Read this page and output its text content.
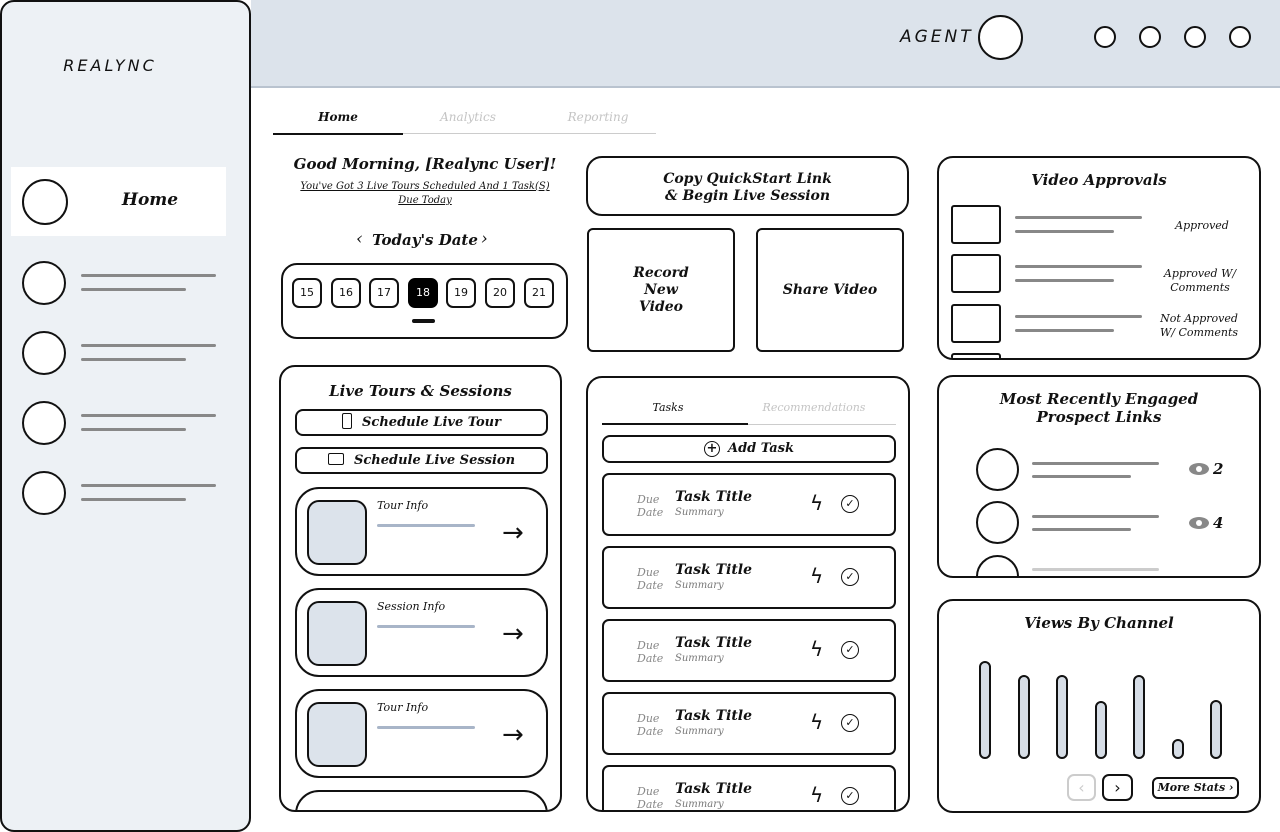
REALYNC
Home
AGENT
Home	Analytics	Reporting
Good Morning, [Realync User]!
You've Got 3 Live Tours Scheduled And 1 Task(S) Due Today
‹ Today's Date ›
15	16	17	18	19	20	21
Live Tours & Sessions
Schedule Live Tour
Schedule Live Session
Tour Info
→
Session Info
→
Tour Info
→
Copy QuickStart Link
& Begin Live Session
Record
New
Video
Share Video
Tasks	Recommendations
+ Add Task
Due
Date
Task Title
Summary	ϟ	✓
Due
Date
Task Title
Summary	ϟ	✓
Due
Date
Task Title
Summary	ϟ	✓
Due
Date
Task Title
Summary	ϟ	✓
Due
Date
Task Title
Summary	ϟ	✓
Video Approvals
Approved
Approved W/
Comments
Not Approved
W/ Comments
Most Recently Engaged
Prospect Links
2
4
Views By Channel
‹	›	More Stats ›
